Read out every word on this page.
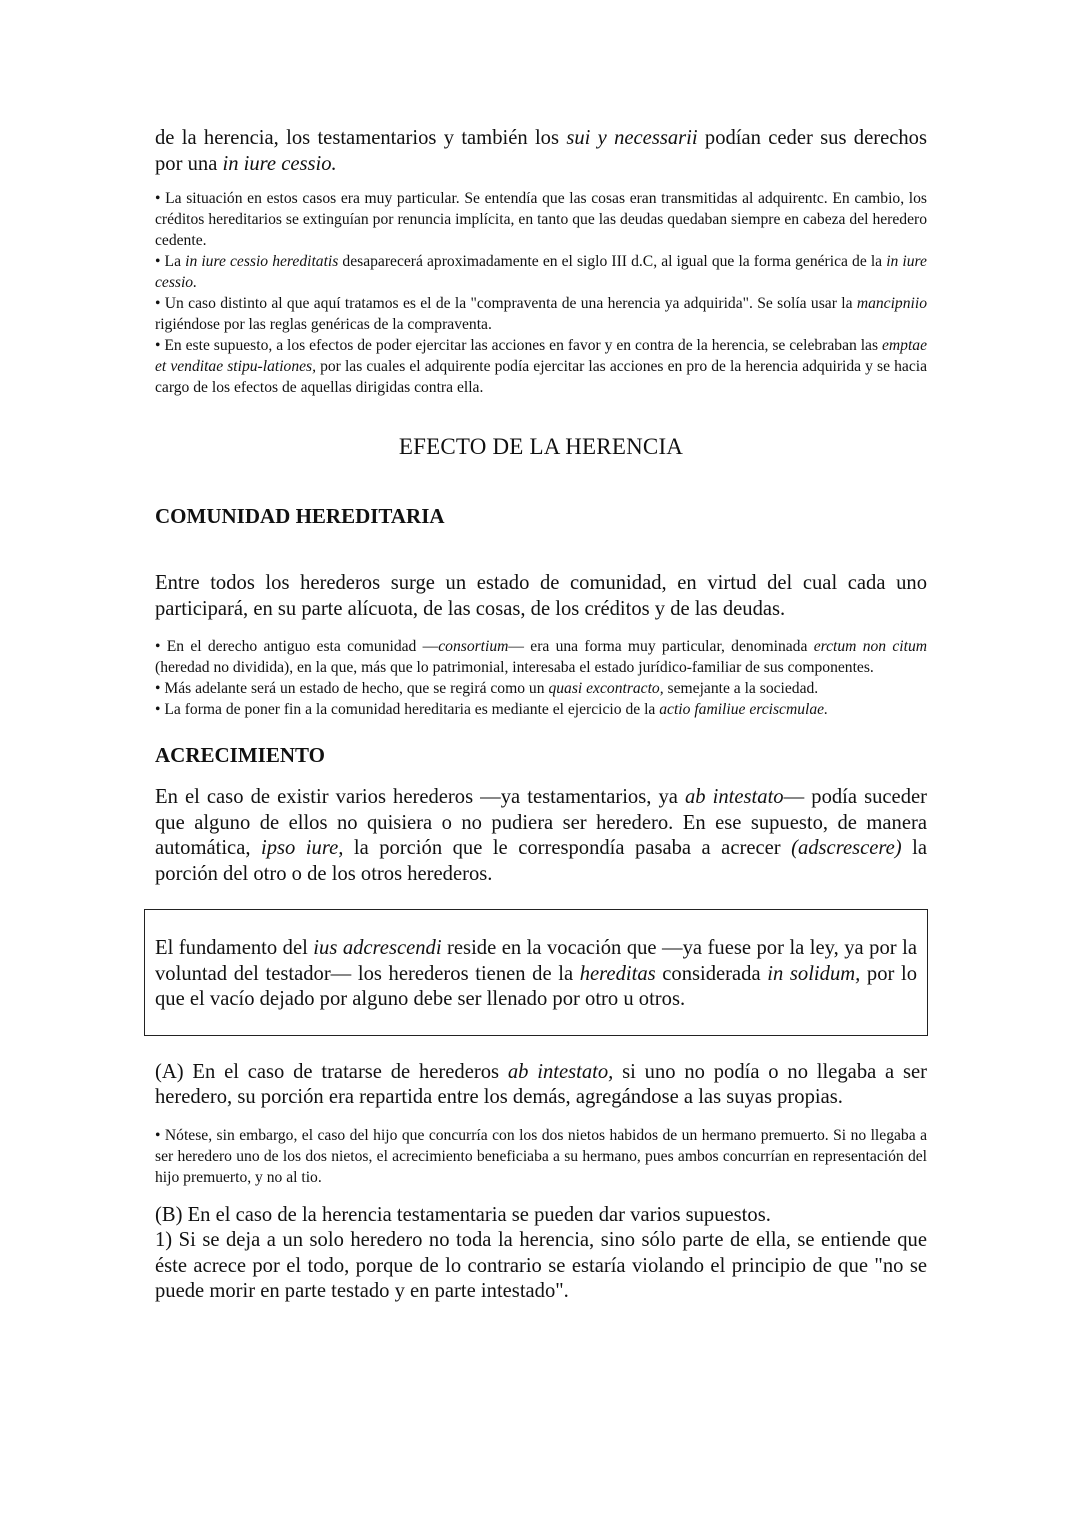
de la herencia, los testamentarios y también los sui y necessarii podían ceder sus derechos por una in iure cessio.

• La situación en estos casos era muy particular. Se entendía que las cosas eran transmitidas al adquirentc. En cambio, los créditos hereditarios se extinguían por renuncia implícita, en tanto que las deudas quedaban siempre en cabeza del heredero cedente.

• La in iure cessio hereditatis desaparecerá aproximadamente en el siglo III d.C, al igual que la forma genérica de la in iure cessio.

• Un caso distinto al que aquí tratamos es el de la "compraventa de una herencia ya adquirida". Se solía usar la mancipniio rigiéndose por las reglas genéricas de la compraventa.

• En este supuesto, a los efectos de poder ejercitar las acciones en favor y en contra de la herencia, se celebraban las emptae et venditae stipu-lationes, por las cuales el adquirente podía ejercitar las acciones en pro de la herencia adquirida y se hacia cargo de los efectos de aquellas dirigidas contra ella.

EFECTO DE LA HERENCIA

COMUNIDAD HEREDITARIA

Entre todos los herederos surge un estado de comunidad, en virtud del cual cada uno participará, en su parte alícuota, de las cosas, de los créditos y de las deudas.

• En el derecho antiguo esta comunidad —consortium— era una forma muy particular, denominada erctum non citum (heredad no dividida), en la que, más que lo patrimonial, interesaba el estado jurídico-familiar de sus componentes.

• Más adelante será un estado de hecho, que se regirá como un quasi excontracto, semejante a la sociedad.

• La forma de poner fin a la comunidad hereditaria es mediante el ejercicio de la actio familiue erciscmulae.

ACRECIMIENTO

En el caso de existir varios herederos —ya testamentarios, ya ab intestato— podía suceder que alguno de ellos no quisiera o no pudiera ser heredero. En ese supuesto, de manera automática, ipso iure, la porción que le correspondía pasaba a acrecer (adscrescere) la porción del otro o de los otros herederos.

El fundamento del ius adcrescendi reside en la vocación que —ya fuese por la ley, ya por la voluntad del testador— los herederos tienen de la hereditas considerada in solidum, por lo que el vacío dejado por alguno debe ser llenado por otro u otros.

(A) En el caso de tratarse de herederos ab intestato, si uno no podía o no llegaba a ser heredero, su porción era repartida entre los demás, agregándose a las suyas propias.

• Nótese, sin embargo, el caso del hijo que concurría con los dos nietos habidos de un hermano premuerto. Si no llegaba a ser heredero uno de los dos nietos, el acrecimiento beneficiaba a su hermano, pues ambos concurrían en representación del hijo premuerto, y no al tio.

(B) En el caso de la herencia testamentaria se pueden dar varios supuestos.

1) Si se deja a un solo heredero no toda la herencia, sino sólo parte de ella, se entiende que éste acrece por el todo, porque de lo contrario se estaría violando el principio de que "no se puede morir en parte testado y en parte intestado".
